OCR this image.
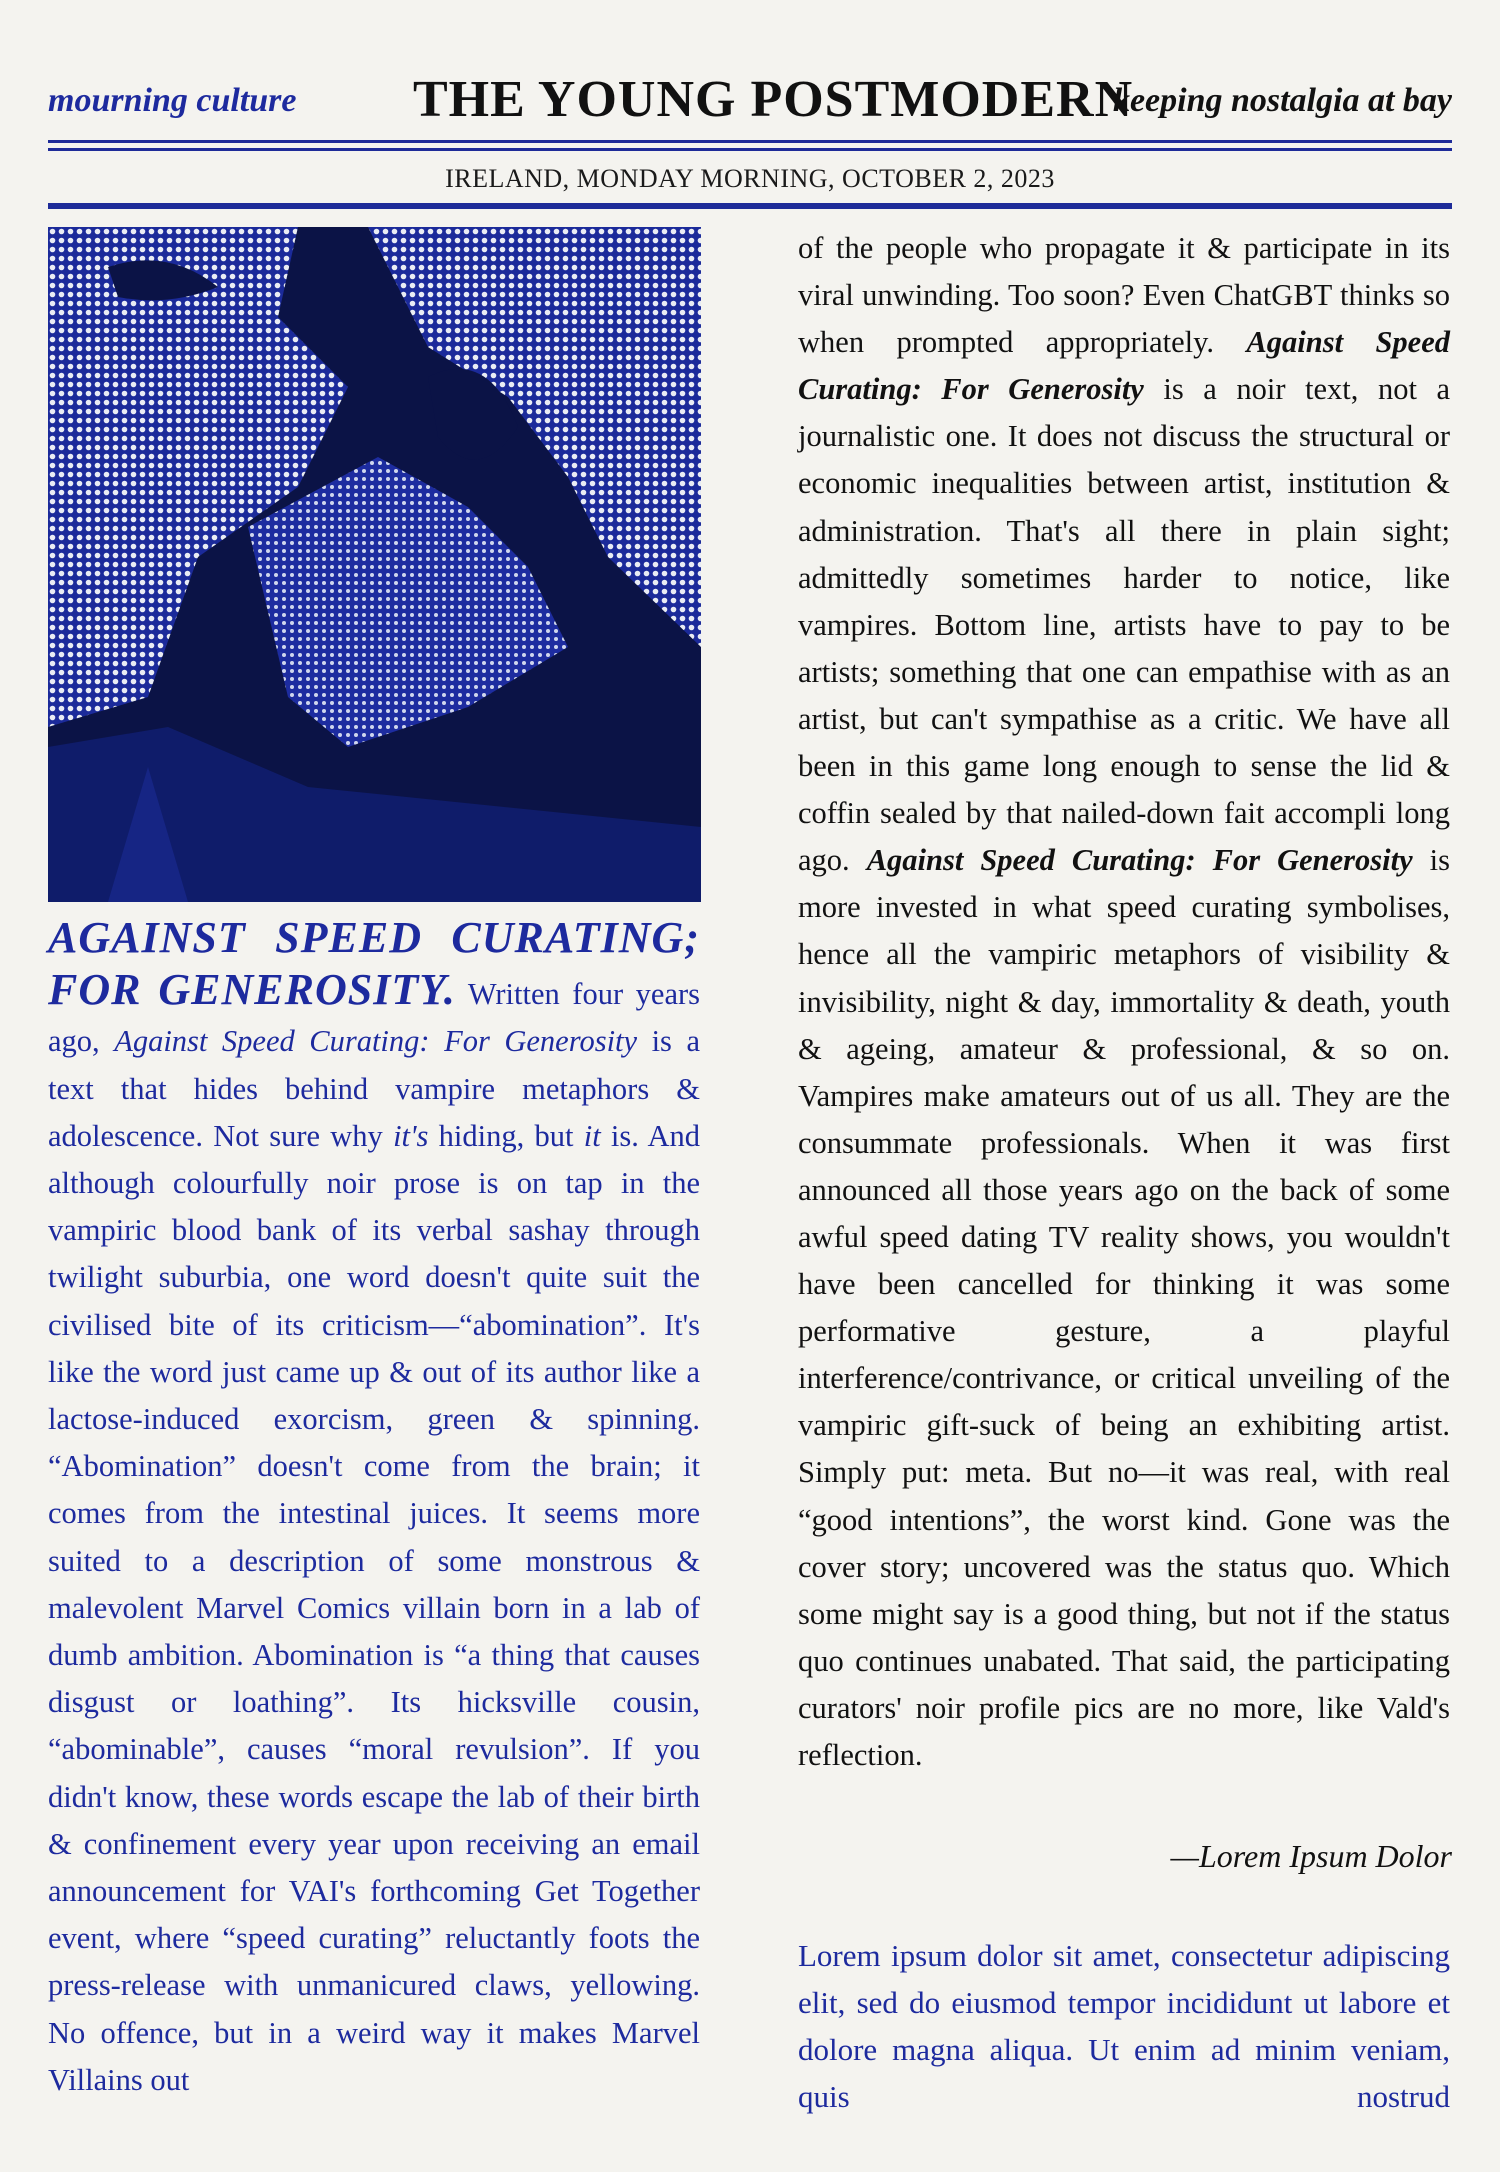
mourning culture THE YOUNG POSTMODERN
keeping nostalgia at bay
IRELAND, MONDAY MORNING, OCTOBER 2, 2023
AGAINST SPEED CURATING; FOR GENEROSITY. Written four years ago, Against Speed Curating: For Generosity is a text that hides behind vampire metaphors & adolescence. Not sure why it's hiding, but it is. And although colourfully noir prose is on tap in the vampiric blood bank of its verbal sashay through twilight suburbia, one word doesn't quite suit the civilised bite of its criticism—“abomination”. It's like the word just came up & out of its author like a lactose-induced exorcism, green & spinning. “Abomination” doesn't come from the brain; it comes from the intestinal juices. It seems more suited to a description of some monstrous & malevolent Marvel Comics villain born in a lab of dumb ambition. Abomination is “a thing that causes disgust or loathing”. Its hicksville cousin, “abominable”, causes “moral revulsion”. If you didn't know, these words escape the lab of their birth & confinement every year upon receiving an email announcement for VAI's forthcoming Get Together event, where “speed curating” reluctantly foots the press-release with unmanicured claws, yellowing. No offence, but in a weird way it makes Marvel Villains out
of the people who propagate it & participate in its viral unwinding. Too soon? Even ChatGBT thinks so when prompted appropriately. Against Speed Curating: For Generosity is a noir text, not a journalistic one. It does not discuss the structural or economic inequalities between artist, institution & administration. That's all there in plain sight; admittedly sometimes harder to notice, like vampires. Bottom line, artists have to pay to be artists; something that one can empathise with as an artist, but can't sympathise as a critic. We have all been in this game long enough to sense the lid & coffin sealed by that nailed-down fait accompli long ago. Against Speed Curating: For Generosity is more invested in what speed curating symbolises, hence all the vampiric metaphors of visibility & invisibility, night & day, immortality & death, youth & ageing, amateur & professional, & so on. Vampires make amateurs out of us all. They are the consummate professionals. When it was first announced all those years ago on the back of some awful speed dating TV reality shows, you wouldn't have been cancelled for thinking it was some performative gesture, a playful interference/contrivance, or critical unveiling of the vampiric gift-suck of being an exhibiting artist. Simply put: meta. But no—it was real, with real “good intentions”, the worst kind. Gone was the cover story; uncovered was the status quo. Which some might say is a good thing, but not if the status quo continues unabated. That said, the participating curators' noir profile pics are no more, like Vald's reflection.
—Lorem Ipsum Dolor
Lorem ipsum dolor sit amet, consectetur adipiscing elit, sed do eiusmod tempor incididunt ut labore et dolore magna aliqua. Ut enim ad minim veniam, quis nostrud
